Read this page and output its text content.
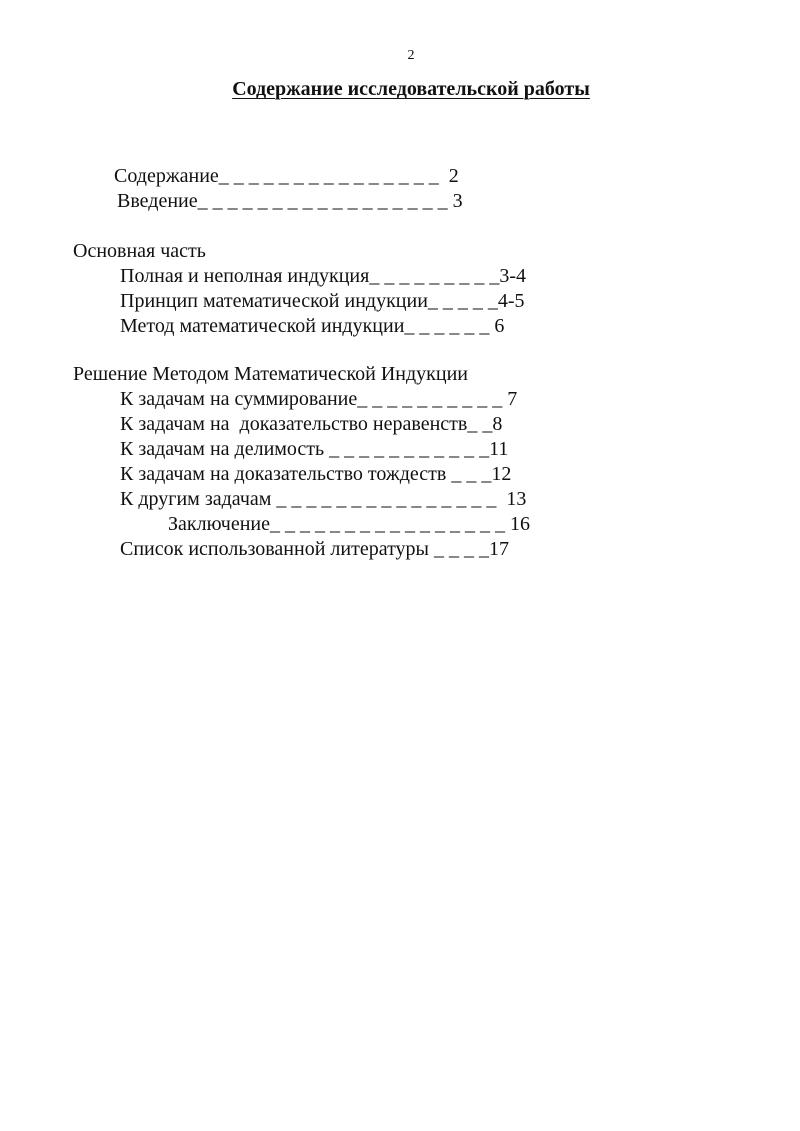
2
Содержание исследовательской работы
Содержание_ _ _ _ _ _ _ _ _ _ _ _ _ _ _  2
Введение_ _ _ _ _ _ _ _ _ _ _ _ _ _ _ _ _ 3
Основная часть
Полная и неполная индукция_ _ _ _ _ _ _ _ _3-4
Принцип математической индукции_ _ _ _ _4-5
Метод математической индукции_ _ _ _ _ _ 6
Решение Методом Математической Индукции
К задачам на суммирование_ _ _ _ _ _ _ _ _ _ 7
К задачам на  доказательство неравенств_ _8
К задачам на делимость _ _ _ _ _ _ _ _ _ _ _11
К задачам на доказательство тождеств _ _ _12
К другим задачам _ _ _ _ _ _ _ _ _ _ _ _ _ _ _  13
Заключение_ _ _ _ _ _ _ _ _ _ _ _ _ _ _ _ 16
Список использованной литературы _ _ _ _17
